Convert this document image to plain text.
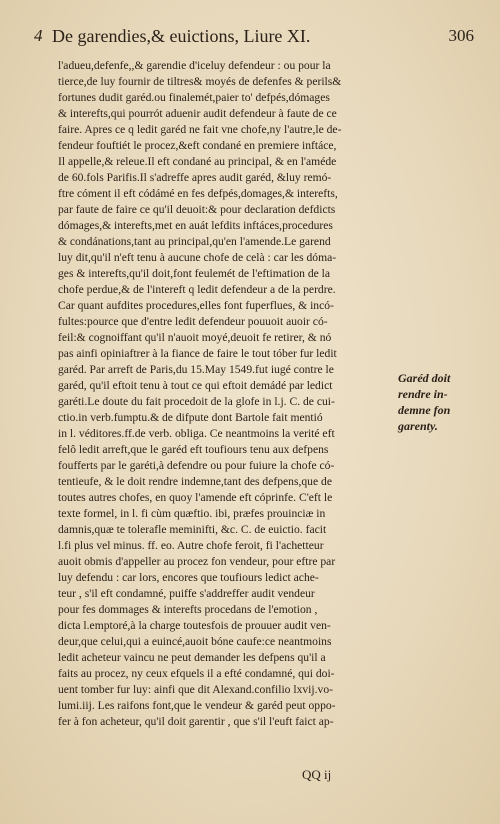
4 De garendies,& euictions, Liure XI.	306
l'adueu,defenfe,,& garendie d'iceluy defendeur : ou pour la
tierce,de luy fournir de tiltres& moyés de defenfes & perils&
fortunes dudit garéd.ou finalemét,paier to' defpés,dómages
& interefts,qui pourrót aduenir audit defendeur à faute de ce
faire. Apres ce q ledit garéd ne fait vne chofe,ny l'autre,le de-
fendeur fouftiét le procez,&eft condané en premiere inftáce,
Il appelle,& releue.Il eft condané au principal, & en l'améde
de 60.fols Parifis.Il s'adreffe apres audit garéd, &luy remó-
ftre cóment il eft códámé en fes defpés,domages,& interefts,
par faute de faire ce qu'il deuoit:& pour declaration defdicts
dómages,& interefts,met en auát lefdits inftáces,procedures
& condánations,tant au principal,qu'en l'amende.Le garend
luy dit,qu'il n'eft tenu à aucune chofe de celà : car les dómа-
ges & interefts,qu'il doit,font feulemét de l'eftimation de la
chofe perdue,& de l'intereft q ledit defendeur a de la perdre.
Car quant aufdites procedures,elles font fuperflues, & incó-
fultes:pource que d'entre ledit defendeur pouuoit auoir có-
feil:& cognoiffant qu'il n'auoit moyé,deuoit fe retirer, & nó
pas ainfi opiniaftrer à la fiance de faire le tout tóber fur ledit
garéd. Par arreft de Paris,du 15.May 1549.fut iugé contre le
garéd, qu'il eftoit tenu à tout ce qui eftoit demádé par ledict
garéti.Le doute du fait procedoit de la glofe in l.j. C. de cui-
ctio.in verb.fumptu.& de difpute dont Bartole fait mentió
in l. véditores.ff.de verb. obliga. Ce neantmoins la verité eft
felô ledit arreft,que le garéd eft toufiours tenu aux defpens
foufferts par le garéti,à defendre ou pour fuiure la chofe có-
tentieufe, & le doit rendre indemne,tant des defpens,que de
toutes autres chofes, en quoy l'amende eft cóprinfe. C'eft le
texte formel, in l. fi cùm quæftio. ibi, præfes prouinciæ in
damnis,quæ te tolerafle meminifti, &c. C. de euictio. facit
l.fi plus vel minus. ff. eo. Autre chofe feroit, fi l'achetteur
auoit obmis d'appeller au procez fon vendeur, pour eftre par
luy defendu : car lors, encores que toufiours ledict ache-
teur , s'il eft condamné, puiffe s'addreffer audit vendeur
pour fes dommages & interefts procedans de l'emotion ,
dicta l.emptoré,à la charge toutesfois de prouuer audit ven-
deur,que celui,qui a euincé,auoit bóne caufe:ce neantmoins
ledit acheteur vaincu ne peut demander les defpens qu'il a
faits au procez, ny ceux efquels il a efté condamné, qui doi-
uent tomber fur luy: ainfi que dit Alexand.confilio lxvij.vo-
lumi.iij. Les raifons font,que le vendeur & garéd peut oppo-
fer à fon acheteur, qu'il doit garentir , que s'il l'euft faict ap-
Garéd doit
rendre in-
demne fon
garenty.
QQ ij
